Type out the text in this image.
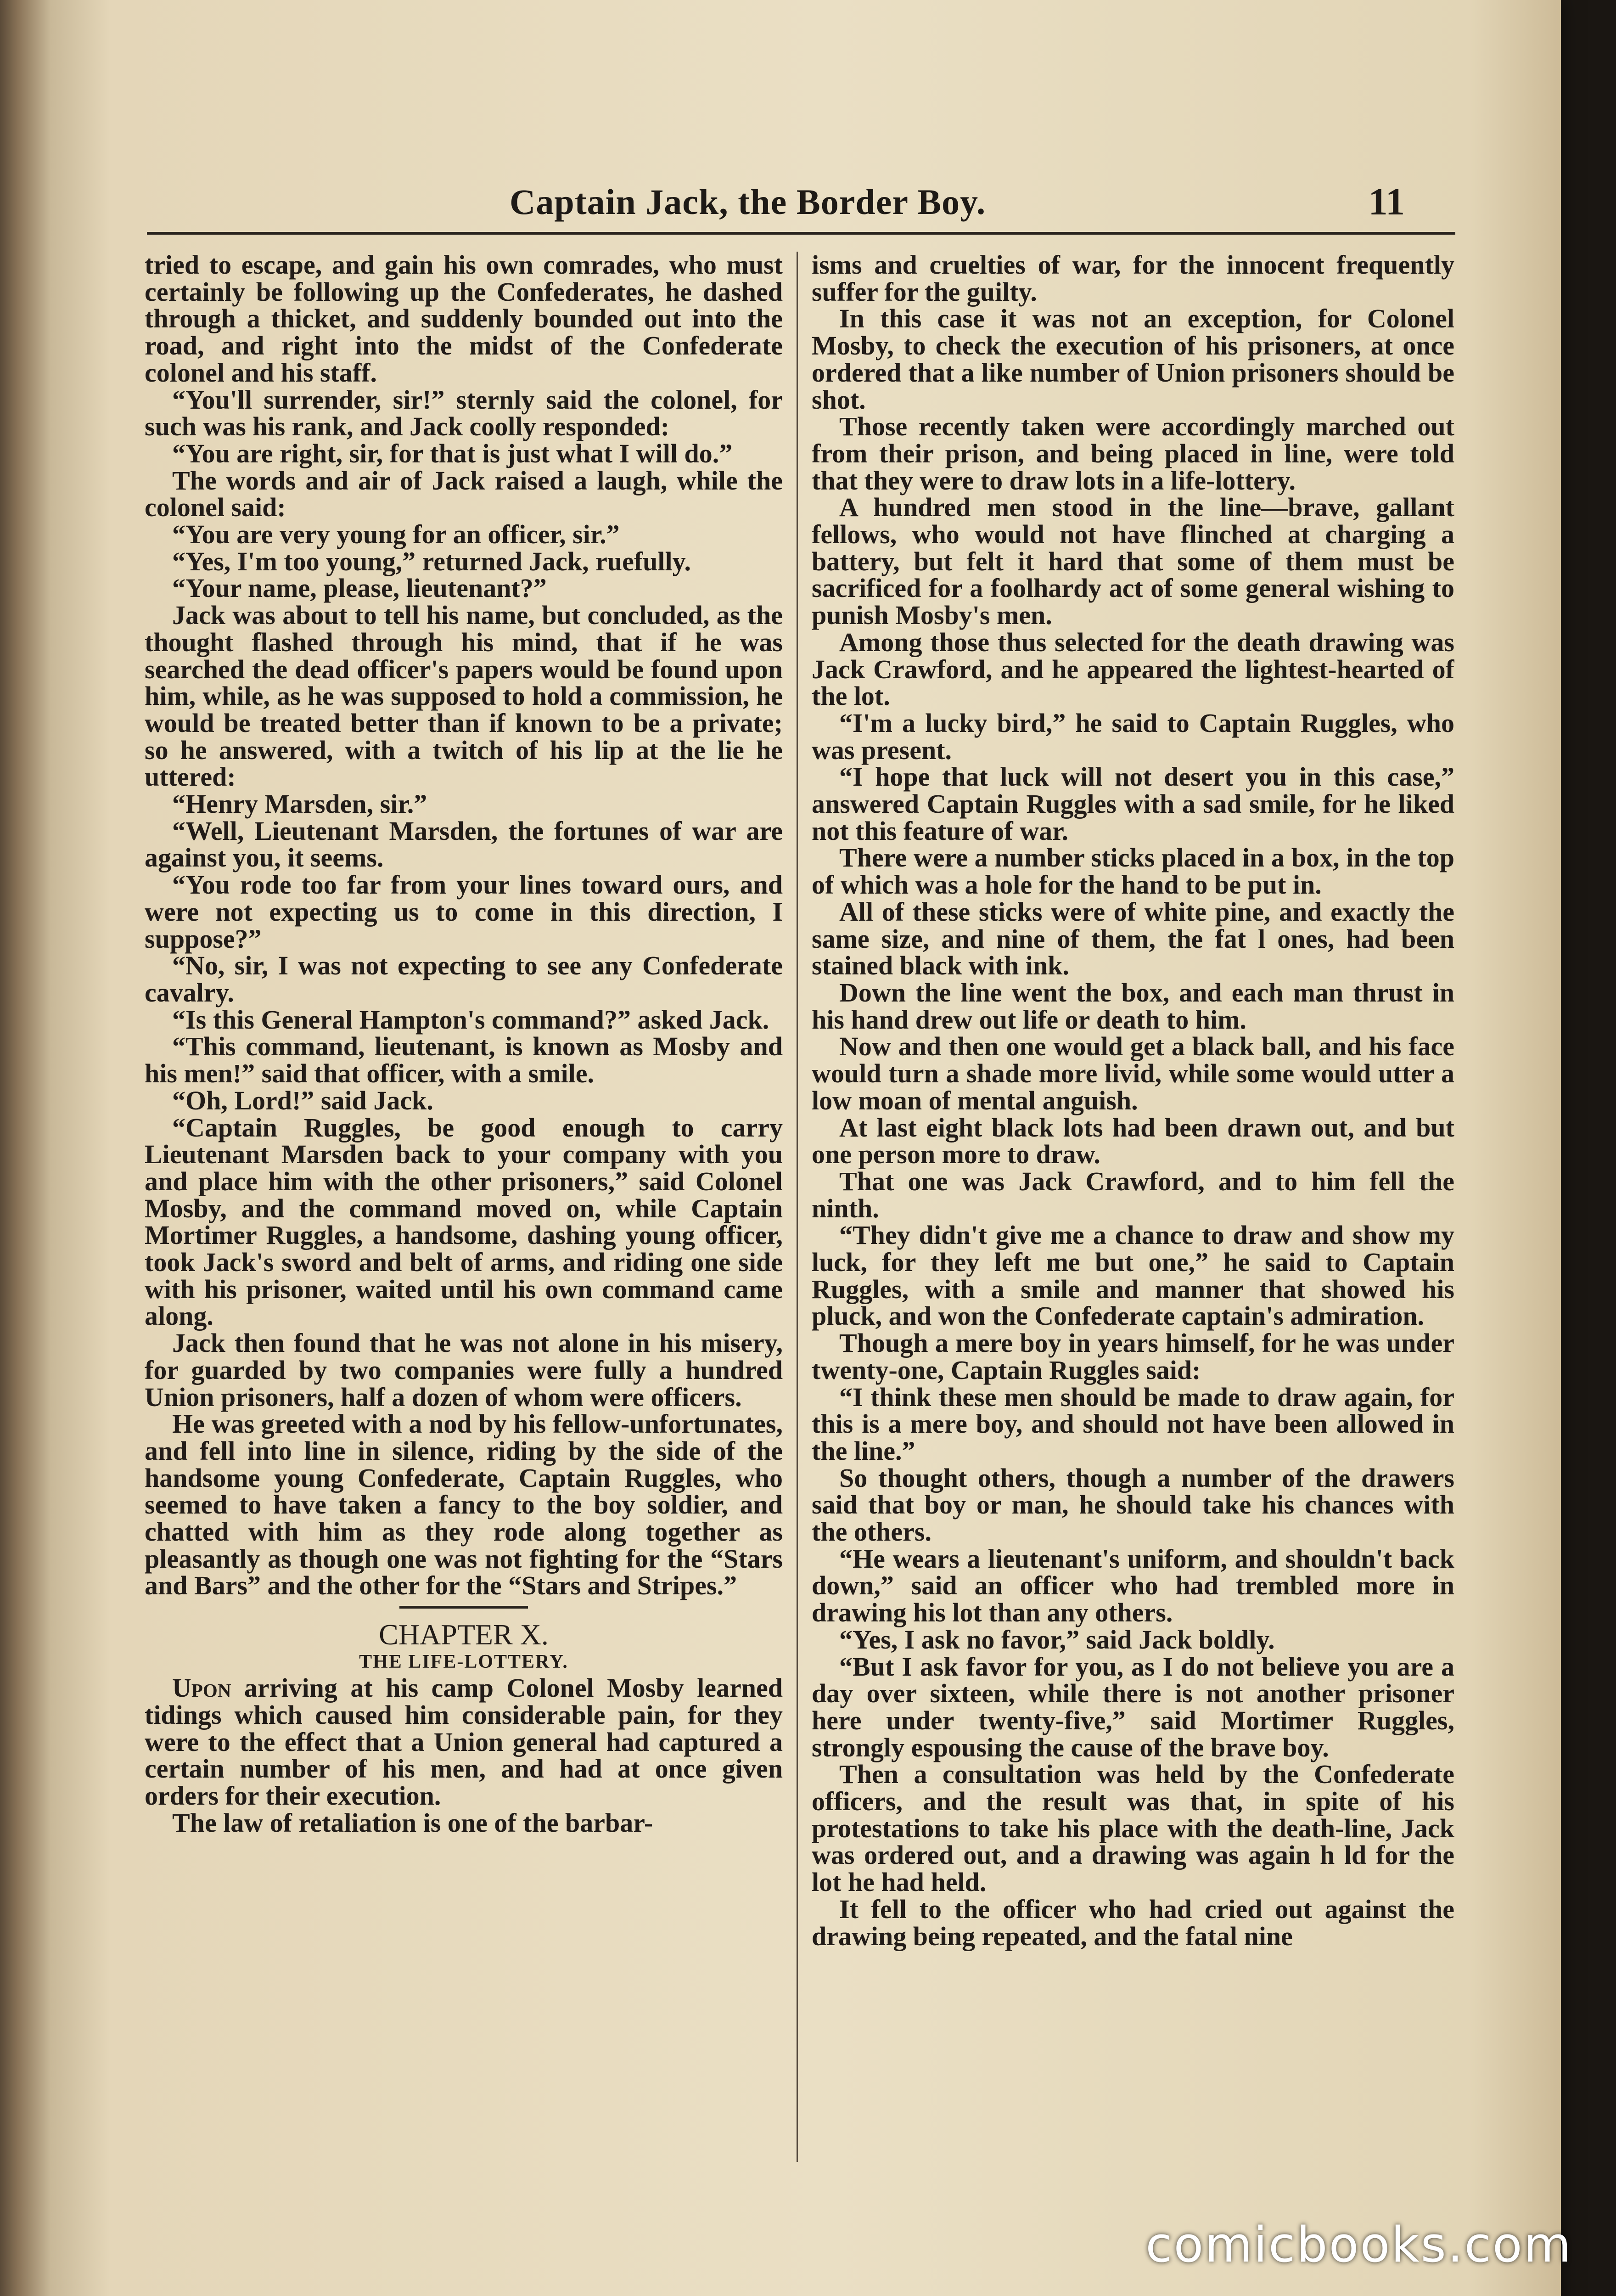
Captain Jack, the Border Boy.	11

tried to escape, and gain his own comrades, who must certainly be following up the Confederates, he dashed through a thicket, and suddenly bounded out into the road, and right into the midst of the Confederate colonel and his staff.

“You'll surrender, sir!” sternly said the colonel, for such was his rank, and Jack coolly responded:

“You are right, sir, for that is just what I will do.”

The words and air of Jack raised a laugh, while the colonel said:

“You are very young for an officer, sir.”

“Yes, I'm too young,” returned Jack, ruefully.

“Your name, please, lieutenant?”

Jack was about to tell his name, but concluded, as the thought flashed through his mind, that if he was searched the dead officer's papers would be found upon him, while, as he was supposed to hold a commission, he would be treated better than if known to be a private; so he answered, with a twitch of his lip at the lie he uttered:

“Henry Marsden, sir.”

“Well, Lieutenant Marsden, the fortunes of war are against you, it seems.

“You rode too far from your lines toward ours, and were not expecting us to come in this direction, I suppose?”

“No, sir, I was not expecting to see any Confederate cavalry.

“Is this General Hampton's command?” asked Jack.

“This command, lieutenant, is known as Mosby and his men!” said that officer, with a smile.

“Oh, Lord!” said Jack.

“Captain Ruggles, be good enough to carry Lieutenant Marsden back to your company with you and place him with the other prisoners,” said Colonel Mosby, and the command moved on, while Captain Mortimer Ruggles, a handsome, dashing young officer, took Jack's sword and belt of arms, and riding one side with his prisoner, waited until his own command came along.

Jack then found that he was not alone in his misery, for guarded by two companies were fully a hundred Union prisoners, half a dozen of whom were officers.

He was greeted with a nod by his fellow-unfortunates, and fell into line in silence, riding by the side of the handsome young Confederate, Captain Ruggles, who seemed to have taken a fancy to the boy soldier, and chatted with him as they rode along together as pleasantly as though one was not fighting for the “Stars and Bars” and the other for the “Stars and Stripes.”

CHAPTER X.

THE LIFE-LOTTERY.

Upon arriving at his camp Colonel Mosby learned tidings which caused him considerable pain, for they were to the effect that a Union general had captured a certain number of his men, and had at once given orders for their execution.

The law of retaliation is one of the barbar-

isms and cruelties of war, for the innocent frequently suffer for the guilty.

In this case it was not an exception, for Colonel Mosby, to check the execution of his prisoners, at once ordered that a like number of Union prisoners should be shot.

Those recently taken were accordingly marched out from their prison, and being placed in line, were told that they were to draw lots in a life-lottery.

A hundred men stood in the line—brave, gallant fellows, who would not have flinched at charging a battery, but felt it hard that some of them must be sacrificed for a foolhardy act of some general wishing to punish Mosby's men.

Among those thus selected for the death drawing was Jack Crawford, and he appeared the lightest-hearted of the lot.

“I'm a lucky bird,” he said to Captain Ruggles, who was present.

“I hope that luck will not desert you in this case,” answered Captain Ruggles with a sad smile, for he liked not this feature of war.

There were a number sticks placed in a box, in the top of which was a hole for the hand to be put in.

All of these sticks were of white pine, and exactly the same size, and nine of them, the fat l ones, had been stained black with ink.

Down the line went the box, and each man thrust in his hand drew out life or death to him.

Now and then one would get a black ball, and his face would turn a shade more livid, while some would utter a low moan of mental anguish.

At last eight black lots had been drawn out, and but one person more to draw.

That one was Jack Crawford, and to him fell the ninth.

“They didn't give me a chance to draw and show my luck, for they left me but one,” he said to Captain Ruggles, with a smile and manner that showed his pluck, and won the Confederate captain's admiration.

Though a mere boy in years himself, for he was under twenty-one, Captain Ruggles said:

“I think these men should be made to draw again, for this is a mere boy, and should not have been allowed in the line.”

So thought others, though a number of the drawers said that boy or man, he should take his chances with the others.

“He wears a lieutenant's uniform, and shouldn't back down,” said an officer who had trembled more in drawing his lot than any others.

“Yes, I ask no favor,” said Jack boldly.

“But I ask favor for you, as I do not believe you are a day over sixteen, while there is not another prisoner here under twenty-five,” said Mortimer Ruggles, strongly espousing the cause of the brave boy.

Then a consultation was held by the Confederate officers, and the result was that, in spite of his protestations to take his place with the death-line, Jack was ordered out, and a drawing was again h ld for the lot he had held.

It fell to the officer who had cried out against the drawing being repeated, and the fatal nine

comicbooks.com
